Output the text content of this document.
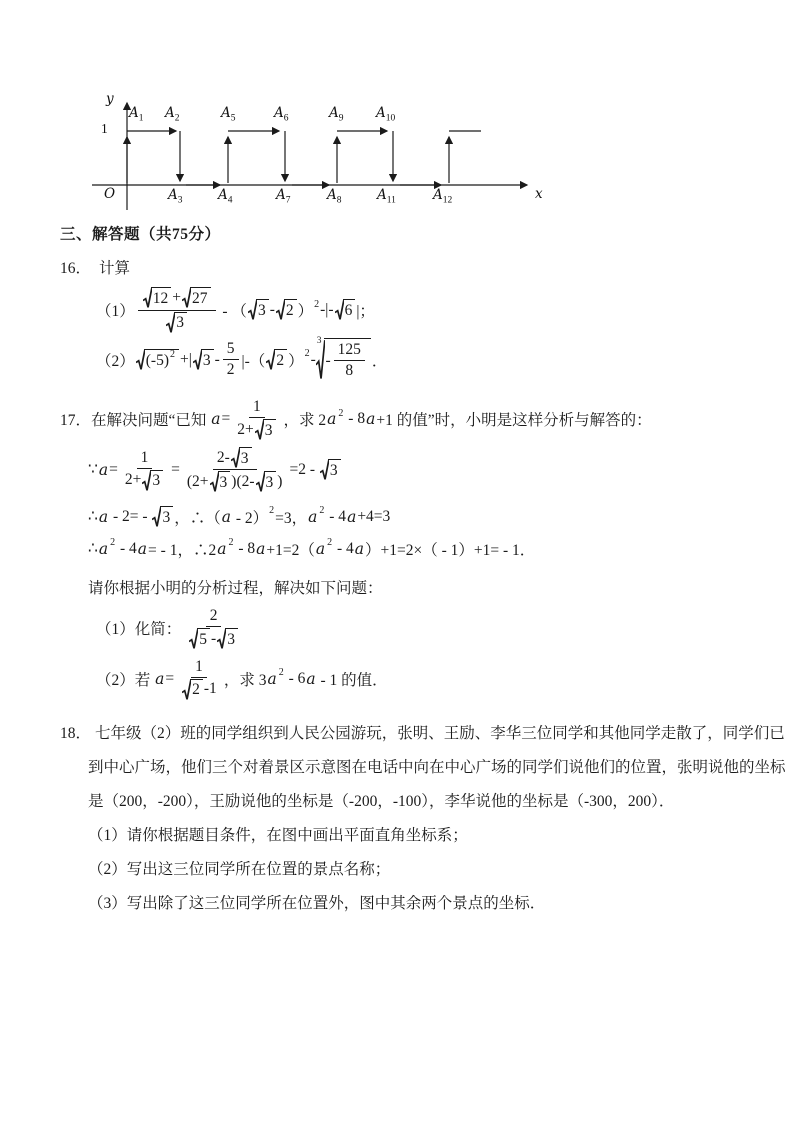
y
x
O
1
$A_1$ $A_2$	$A_5$	$A_6$	$A_9$ $A_{10}$
$A_3$	$A_4$	$A_7$	$A_8$	$A_{11}$	$A_{12}$
三、解答题（共75分）
16． 计算
（1）
12 + 27
3
- （ 3 - 2 ） 2 -|- 6 |；
（2） (-5) 2 +| 3 -
5
2 |-（ 2 ） 2 -
3
-
125
8
．
17．在解决问题“已知 $a = \frac{1}{2+ 3}$ ，求 2 a 2 - 8 a +1 的值”时，小明是这样分析与解答的：
∵ $a = \frac{1}{2+ 3} = \frac{2- 3}{(2+ 3 )(2- 3 )} =2 - 3$
∴ a - 2= - 3 ，∴（ a - 2） 2 =3， a 2 - 4 a +4=3
∴ a 2 - 4 a = - 1，∴2 a 2 - 8 a +1=2（ a 2 - 4 a ）+1=2×（ - 1）+1= - 1．
请你根据小明的分析过程，解决如下问题：
（1）化简：
2
5 - 3
（2）若 $a = \frac{1}{2 -1}$ ，求 3 a 2 - 6 a - 1 的值．
18． 七年级（2）班的同学组织到人民公园游玩，张明、王励、李华三位同学和其他同学走散了，同学们已
到中心广场，他们三个对着景区示意图在电话中向在中心广场的同学们说他们的位置，张明说他的坐标
是（200，-200），王励说他的坐标是（-200，-100），李华说他的坐标是（-300，200）．
（1）请你根据题目条件，在图中画出平面直角坐标系；
（2）写出这三位同学所在位置的景点名称；
（3）写出除了这三位同学所在位置外，图中其余两个景点的坐标．
